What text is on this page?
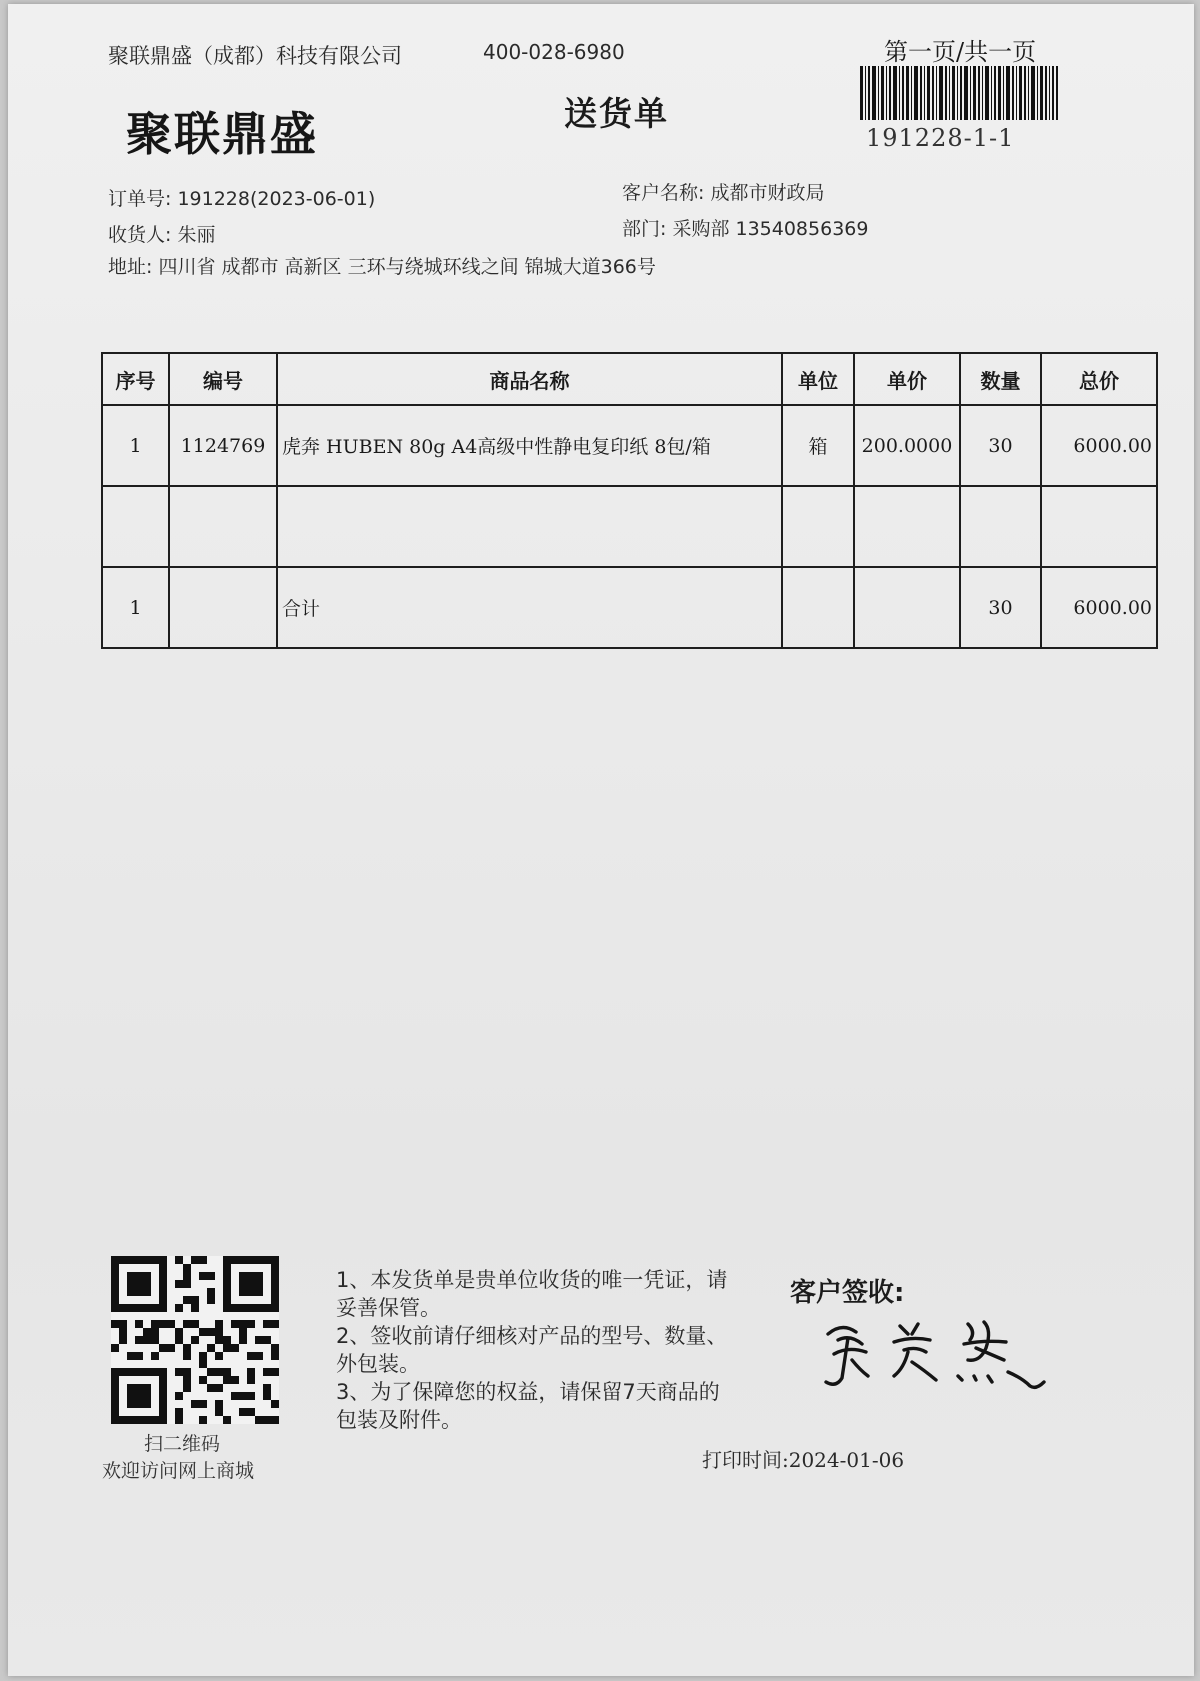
聚联鼎盛（成都）科技有限公司	400-028-6980	第一页/共一页
聚联鼎盛	送货单
191228-1-1
订单号: 191228(2023-06-01)
收货人: 朱丽
地址: 四川省 成都市 高新区 三环与绕城环线之间 锦城大道366号
客户名称: 成都市财政局
部门: 采购部 13540856369
序号	编号	商品名称	单位	单价	数量	总价
1	1124769	虎奔 HUBEN 80g A4高级中性静电复印纸 8包/箱	箱	200.0000	30	6000.00

1		合计			30	6000.00
扫二维码
欢迎访问网上商城
1、本发货单是贵单位收货的唯一凭证，请妥善保管。
2、签收前请仔细核对产品的型号、数量、外包装。
3、为了保障您的权益，请保留7天商品的包装及附件。
客户签收:
打印时间:2024-01-06
